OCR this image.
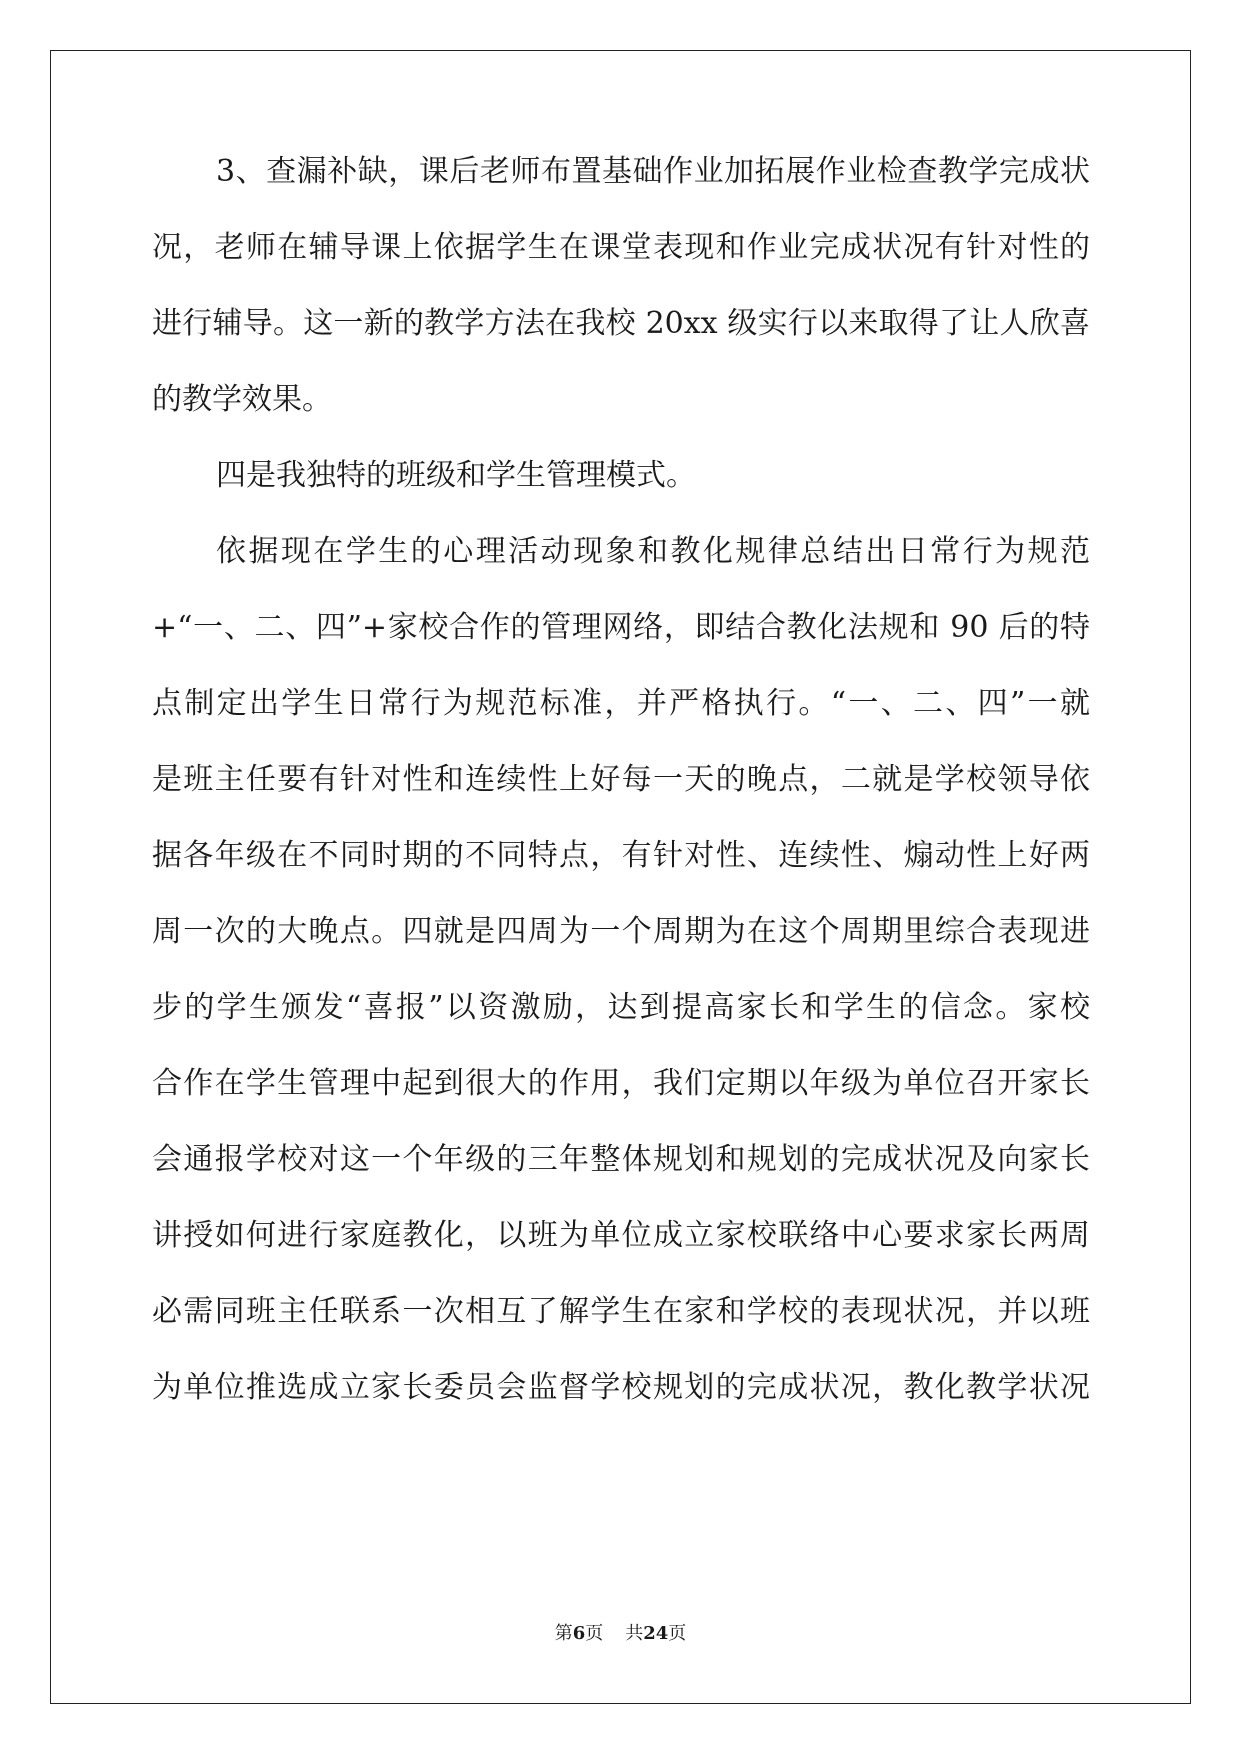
3、查漏补缺，课后老师布置基础作业加拓展作业检查教学完成状
况，老师在辅导课上依据学生在课堂表现和作业完成状况有针对性的
进行辅导。这一新的教学方法在我校 20xx 级实行以来取得了让人欣喜
的教学效果。
四是我独特的班级和学生管理模式。
依据现在学生的心理活动现象和教化规律总结出日常行为规范
+“一、二、四”+家校合作的管理网络，即结合教化法规和 90 后的特
点制定出学生日常行为规范标准，并严格执行。“一、二、四”一就
是班主任要有针对性和连续性上好每一天的晚点，二就是学校领导依
据各年级在不同时期的不同特点，有针对性、连续性、煽动性上好两
周一次的大晚点。四就是四周为一个周期为在这个周期里综合表现进
步的学生颁发“喜报”以资激励，达到提高家长和学生的信念。家校
合作在学生管理中起到很大的作用，我们定期以年级为单位召开家长
会通报学校对这一个年级的三年整体规划和规划的完成状况及向家长
讲授如何进行家庭教化，以班为单位成立家校联络中心要求家长两周
必需同班主任联系一次相互了解学生在家和学校的表现状况，并以班
为单位推选成立家长委员会监督学校规划的完成状况，教化教学状况
第6页 共24页
